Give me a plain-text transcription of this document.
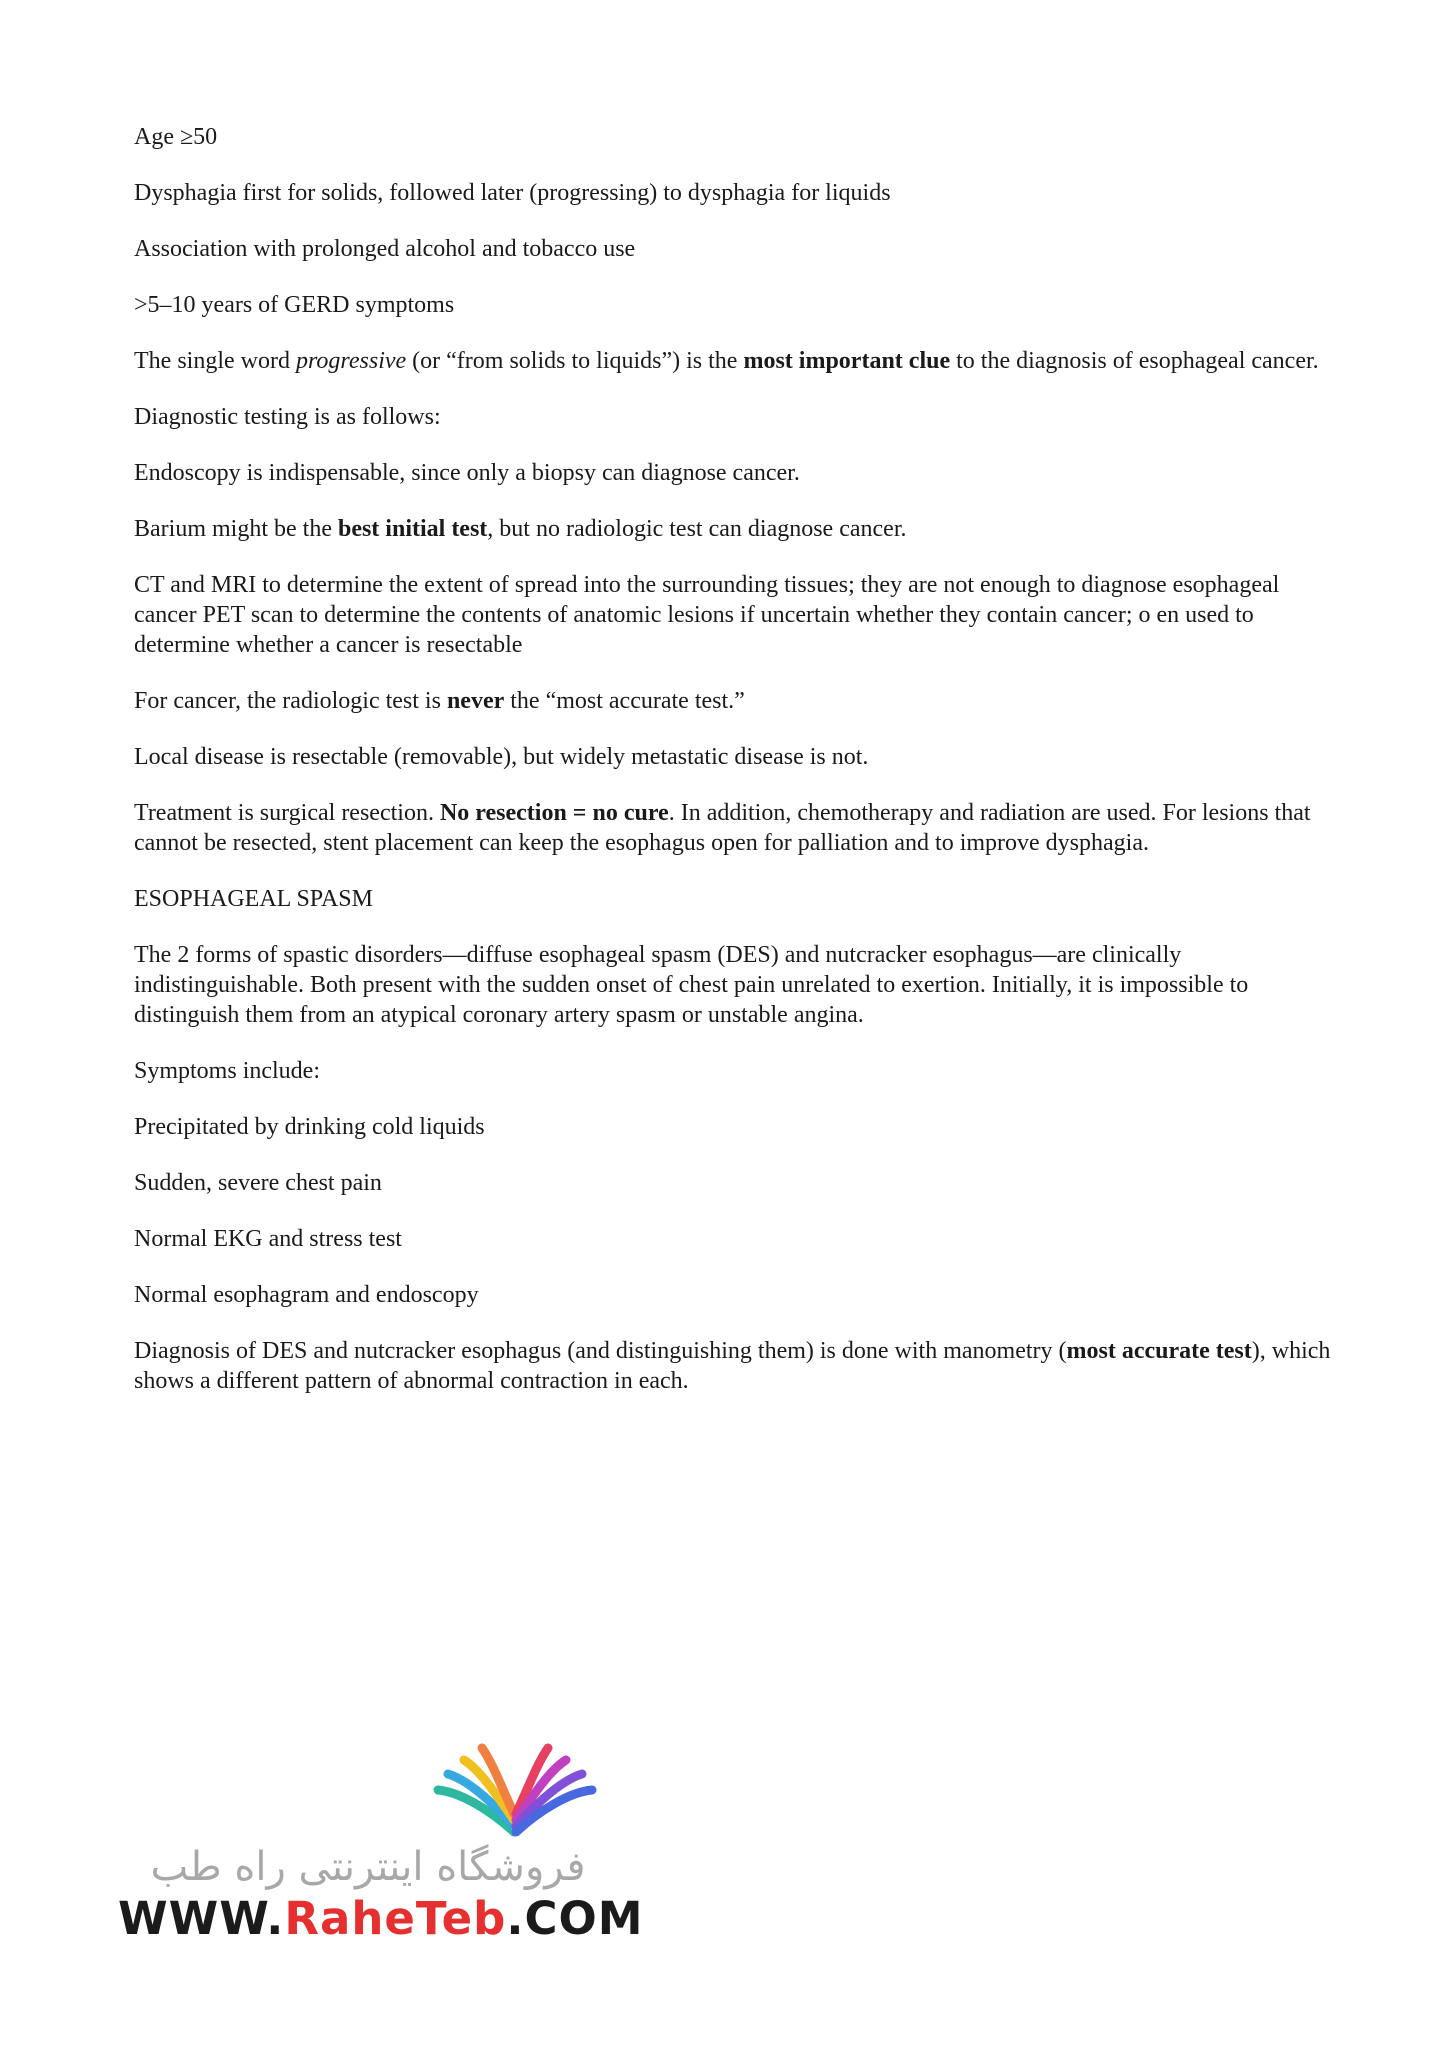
Age ≥50

Dysphagia first for solids, followed later (progressing) to dysphagia for liquids

Association with prolonged alcohol and tobacco use

>5–10 years of GERD symptoms

The single word progressive (or “from solids to liquids”) is the most important clue to the diagnosis of esophageal cancer.

Diagnostic testing is as follows:

Endoscopy is indispensable, since only a biopsy can diagnose cancer.

Barium might be the best initial test, but no radiologic test can diagnose cancer.

CT and MRI to determine the extent of spread into the surrounding tissues; they are not enough to diagnose esophageal cancer PET scan to determine the contents of anatomic lesions if uncertain whether they contain cancer; o en used to determine whether a cancer is resectable

For cancer, the radiologic test is never the “most accurate test.”

Local disease is resectable (removable), but widely metastatic disease is not.

Treatment is surgical resection. No resection = no cure. In addition, chemotherapy and radiation are used. For lesions that cannot be resected, stent placement can keep the esophagus open for palliation and to improve dysphagia.

ESOPHAGEAL SPASM

The 2 forms of spastic disorders—diffuse esophageal spasm (DES) and nutcracker esophagus—are clinically indistinguishable. Both present with the sudden onset of chest pain unrelated to exertion. Initially, it is impossible to distinguish them from an atypical coronary artery spasm or unstable angina.

Symptoms include:

Precipitated by drinking cold liquids

Sudden, severe chest pain

Normal EKG and stress test

Normal esophagram and endoscopy

Diagnosis of DES and nutcracker esophagus (and distinguishing them) is done with manometry (most accurate test), which shows a different pattern of abnormal contraction in each.

فروشگاه اینترنتی راه طب
WWW.RaheTeb.COM
